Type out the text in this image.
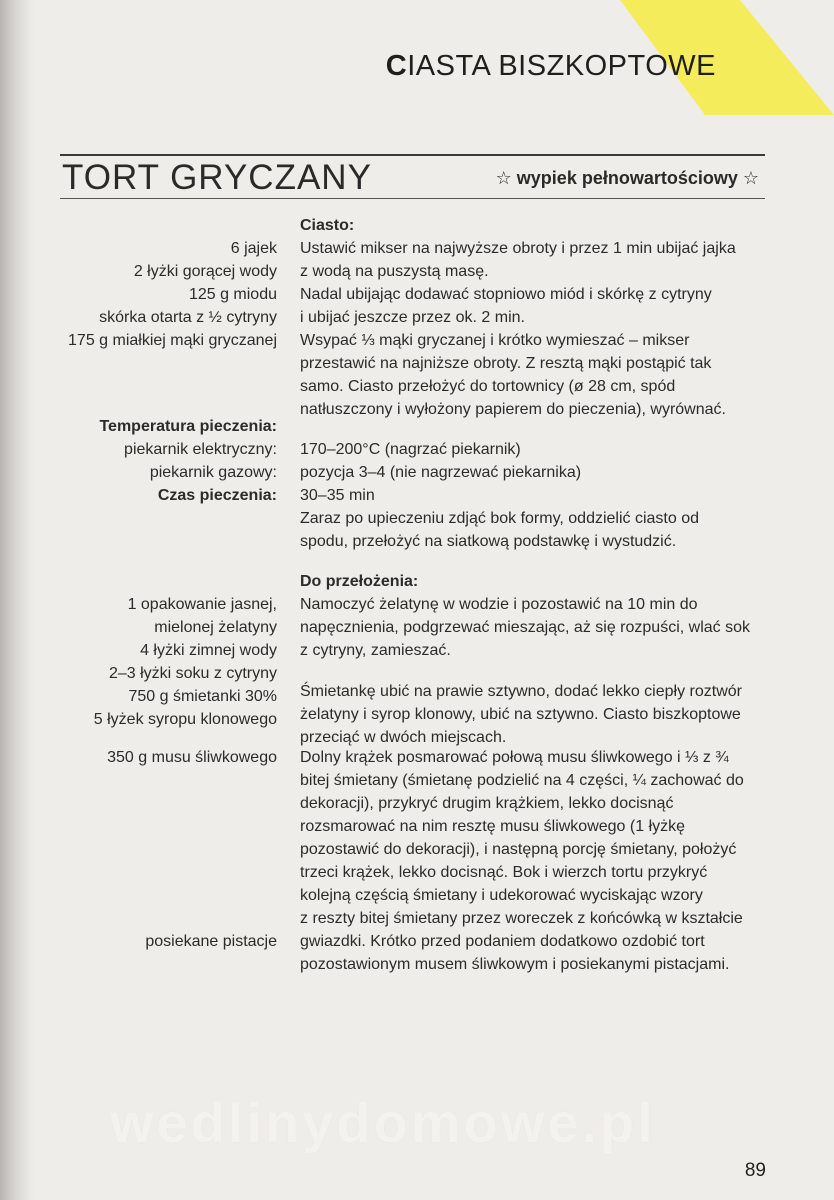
CIASTA BISZKOPTOWE
TORT GRYCZANY	☆ wypiek pełnowartościowy ☆
Ciasto:
Ustawić mikser na najwyższe obroty i przez 1 min ubijać jajka
z wodą na puszystą masę.
Nadal ubijając dodawać stopniowo miód i skórkę z cytryny
i ubijać jeszcze przez ok. 2 min.
Wsypać ⅓ mąki gryczanej i krótko wymieszać – mikser
przestawić na najniższe obroty. Z resztą mąki postąpić tak
samo. Ciasto przełożyć do tortownicy (ø 28 cm, spód
natłuszczony i wyłożony papierem do pieczenia), wyrównać.
6 jajek
2 łyżki gorącej wody
125 g miodu
skórka otarta z ½ cytryny
175 g miałkiej mąki gryczanej
Temperatura pieczenia:
piekarnik elektryczny:
piekarnik gazowy:
Czas pieczenia:
170–200°C (nagrzać piekarnik)
pozycja 3–4 (nie nagrzewać piekarnika)
30–35 min
Zaraz po upieczeniu zdjąć bok formy, oddzielić ciasto od
spodu, przełożyć na siatkową podstawkę i wystudzić.
Do przełożenia:
Namoczyć żelatynę w wodzie i pozostawić na 10 min do
napęcznienia, podgrzewać mieszając, aż się rozpuści, wlać sok
z cytryny, zamieszać.
1 opakowanie jasnej,
mielonej żelatyny
4 łyżki zimnej wody
2–3 łyżki soku z cytryny
750 g śmietanki 30%
5 łyżek syropu klonowego
Śmietankę ubić na prawie sztywno, dodać lekko ciepły roztwór
żelatyny i syrop klonowy, ubić na sztywno. Ciasto biszkoptowe
przeciąć w dwóch miejscach.
350 g musu śliwkowego Dolny krążek posmarować połową musu śliwkowego i ⅓ z ¾
bitej śmietany (śmietanę podzielić na 4 części, ¼ zachować do
dekoracji), przykryć drugim krążkiem, lekko docisnąć
rozsmarować na nim resztę musu śliwkowego (1 łyżkę
pozostawić do dekoracji), i następną porcję śmietany, położyć
trzeci krążek, lekko docisnąć. Bok i wierzch tortu przykryć
kolejną częścią śmietany i udekorować wyciskając wzory
z reszty bitej śmietany przez woreczek z końcówką w kształcie
gwiazdki. Krótko przed podaniem dodatkowo ozdobić tort
pozostawionym musem śliwkowym i posiekanymi pistacjami.
posiekane pistacje
wedlinydomowe.pl
89
